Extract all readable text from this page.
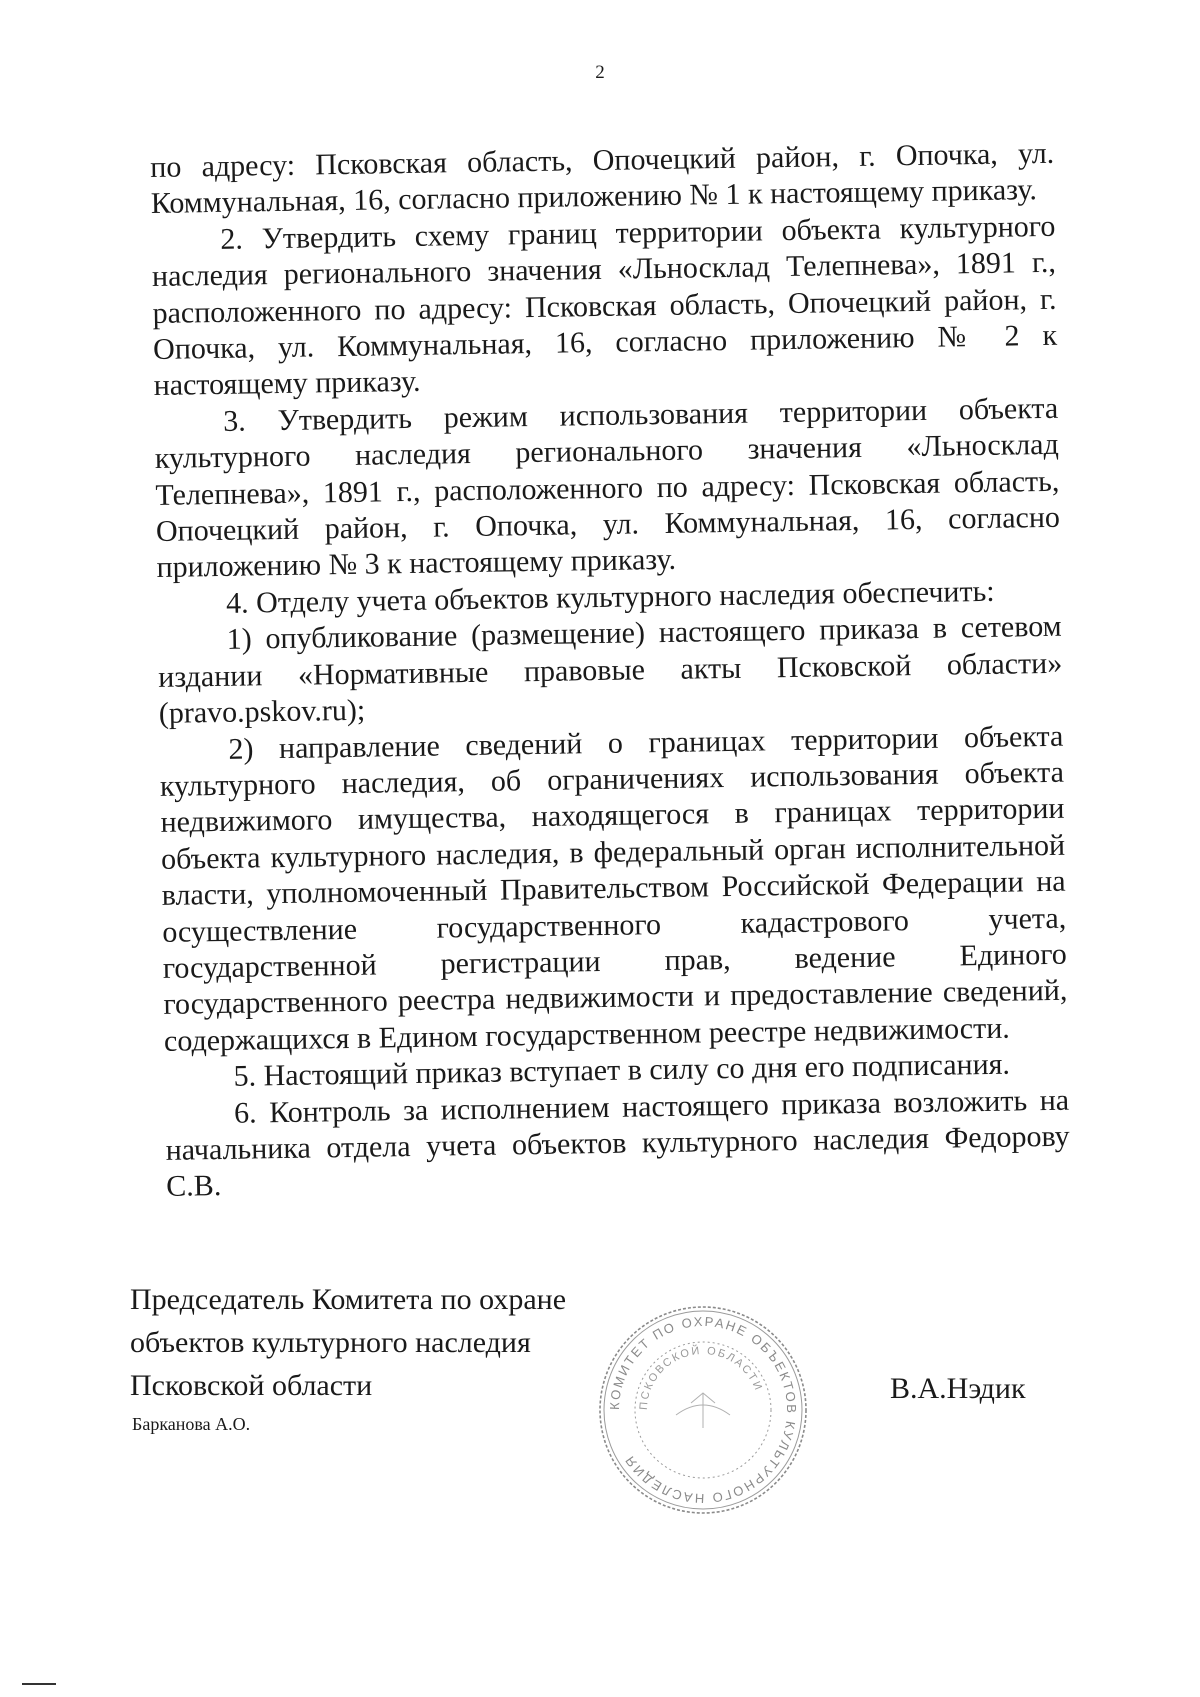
2

по адресу: Псковская область, Опочецкий район, г. Опочка, ул. Коммунальная, 16, согласно приложению № 1 к настоящему приказу.

2. Утвердить схему границ территории объекта культурного наследия регионального значения «Льносклад Телепнева», 1891 г., расположенного по адресу: Псковская область, Опочецкий район, г. Опочка, ул. Коммунальная, 16, согласно приложению № 2 к настоящему приказу.

3. Утвердить режим использования территории объекта культурного наследия регионального значения «Льносклад Телепнева», 1891 г., расположенного по адресу: Псковская область, Опочецкий район, г. Опочка, ул. Коммунальная, 16, согласно приложению № 3 к настоящему приказу.

4. Отделу учета объектов культурного наследия обеспечить:

1) опубликование (размещение) настоящего приказа в сетевом издании «Нормативные правовые акты Псковской области» (pravo.pskov.ru);

2) направление сведений о границах территории объекта культурного наследия, об ограничениях использования объекта недвижимого имущества, находящегося в границах территории объекта культурного наследия, в федеральный орган исполнительной власти, уполномоченный Правительством Российской Федерации на осуществление государственного кадастрового учета, государственной регистрации прав, ведение Единого государственного реестра недвижимости и предоставление сведений, содержащихся в Едином государственном реестре недвижимости.

5. Настоящий приказ вступает в силу со дня его подписания.

6. Контроль за исполнением настоящего приказа возложить на начальника отдела учета объектов культурного наследия Федорову С.В.

Председатель Комитета по охране
объектов культурного наследия
Псковской области
Барканова А.О.
В.А.Нэдик
КОМИТЕТ ПО ОХРАНЕ ОБЪЕКТОВ КУЛЬТУРНОГО НАСЛЕДИЯ
ПСКОВСКОЙ ОБЛАСТИ
